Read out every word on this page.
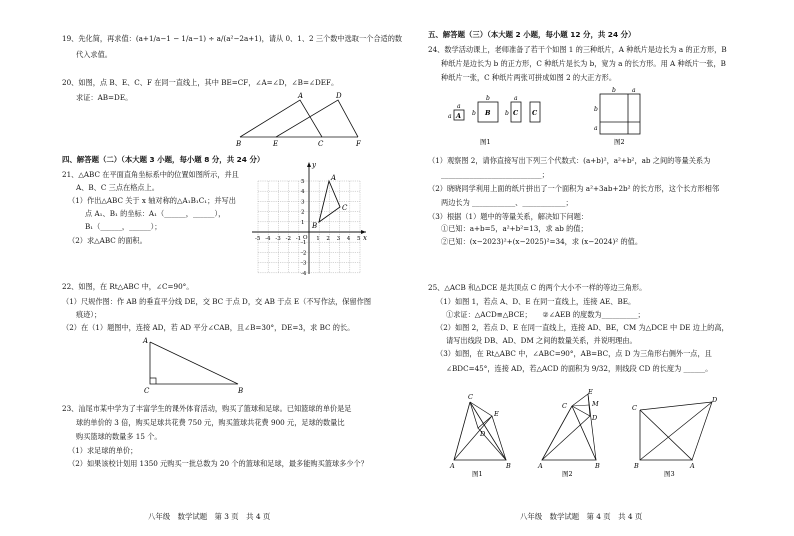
19、先化简，再求值：(a+1/a−1 − 1/a−1) ÷ a/(a²−2a+1)，请从 0、1、2 三个数中选取一个合适的数
代入求值。
20、如图，点 B、E、C、F 在同一直线上，其中 BE=CF，∠A=∠D，∠B=∠DEF。
求证：AB=DE。	A	D
B	E	C	F
四、解答题（二）（本大题 3 小题，每小题 8 分，共 24 分）
21、△ABC 在平面直角坐标系中的位置如图所示，并且
A、B、C 三点在格点上。
（1）作出△ABC 关于 x 轴对称的△A₁B₁C₁；并写出
点 A₁、B₁ 的坐标：A₁（______，______），
B₁（______，______）；
（2）求△ABC 的面积。	-5 -4 -3 -2 -1	1 2 3 4 5
5
4
3
2
1
-1
-2
-3
-4
x
y
O
A
B
C
22、如图，在 Rt△ABC 中，∠C=90°。
（1）尺规作图：作 AB 的垂直平分线 DE，交 BC 于点 D，交 AB 于点 E（不写作法，保留作图
痕迹）；
（2）在（1）题图中，连接 AD，若 AD 平分∠CAB，且∠B=30°，DE=3，求 BC 的长。
A
C	B
23、汕尾市某中学为了丰富学生的课外体育活动，购买了篮球和足球。已知篮球的单价是足
球的单价的 3 倍，购买足球共花费 750 元，购买篮球共花费 900 元，足球的数量比
购买篮球的数量多 15 个。
（1）求足球的单价；
（2）如果该校计划用 1350 元购买一批总数为 20 个的篮球和足球，最多能购买篮球多少个？
八年级　数学试题　第 3 页　共 4 页
五、解答题（三）（本大题 2 小题，每小题 12 分，共 24 分）
24、数学活动课上，老师准备了若干个如图 1 的三种纸片，A 种纸片是边长为 a 的正方形，B
种纸片是边长为 b 的正方形，C 种纸片是长为 b，宽为 a 的长方形。用 A 种纸片一张，B
种纸片一张，C 种纸片两张可拼成如图 2 的大正方形。
A	B	C C
a
a
b
b
a
b
图1
b
a
b	a
图2
（1）观察图 2，请你直接写出下列三个代数式：(a+b)²，a²+b²，ab 之间的等量关系为
____________________________；
（2）晓晓同学利用上面的纸片拼出了一个面积为 a²+3ab+2b² 的长方形，这个长方形相邻
两边长为 ____________、____________；
（3）根据（1）题中的等量关系，解决如下问题：
①已知：a+b=5，a²+b²=13，求 ab 的值；
②已知：(x−2023)²+(x−2025)²=34，求 (x−2024)² 的值。
25、△ACB 和△DCE 是共顶点 C 的两个大小不一样的等边三角形。
（1）如图 1，若点 A、D、E 在同一直线上，连接 AE、BE。
①求证：△ACD≌△BCE；　　②∠AEB 的度数为__________；
（2）如图 2，若点 D、E 在同一直线上，连接 AD、BE，CM 为△DCE 中 DE 边上的高，
请写出线段 DB、AD、DM 之间的数量关系，并说明理由。
（3）如图，在 Rt△ABC 中，∠ABC=90°，AB=BC，点 D 为三角形右侧外一点，且
∠BDC=45°，连接 AD，若△ACD 的面积为 9/32，则线段 CD 的长度为 ______。
C
E
D
A	B
图1
C
E
M
D
A	B
图2
C
D
B	A
图3
八年级　数学试题　第 4 页　共 4 页
